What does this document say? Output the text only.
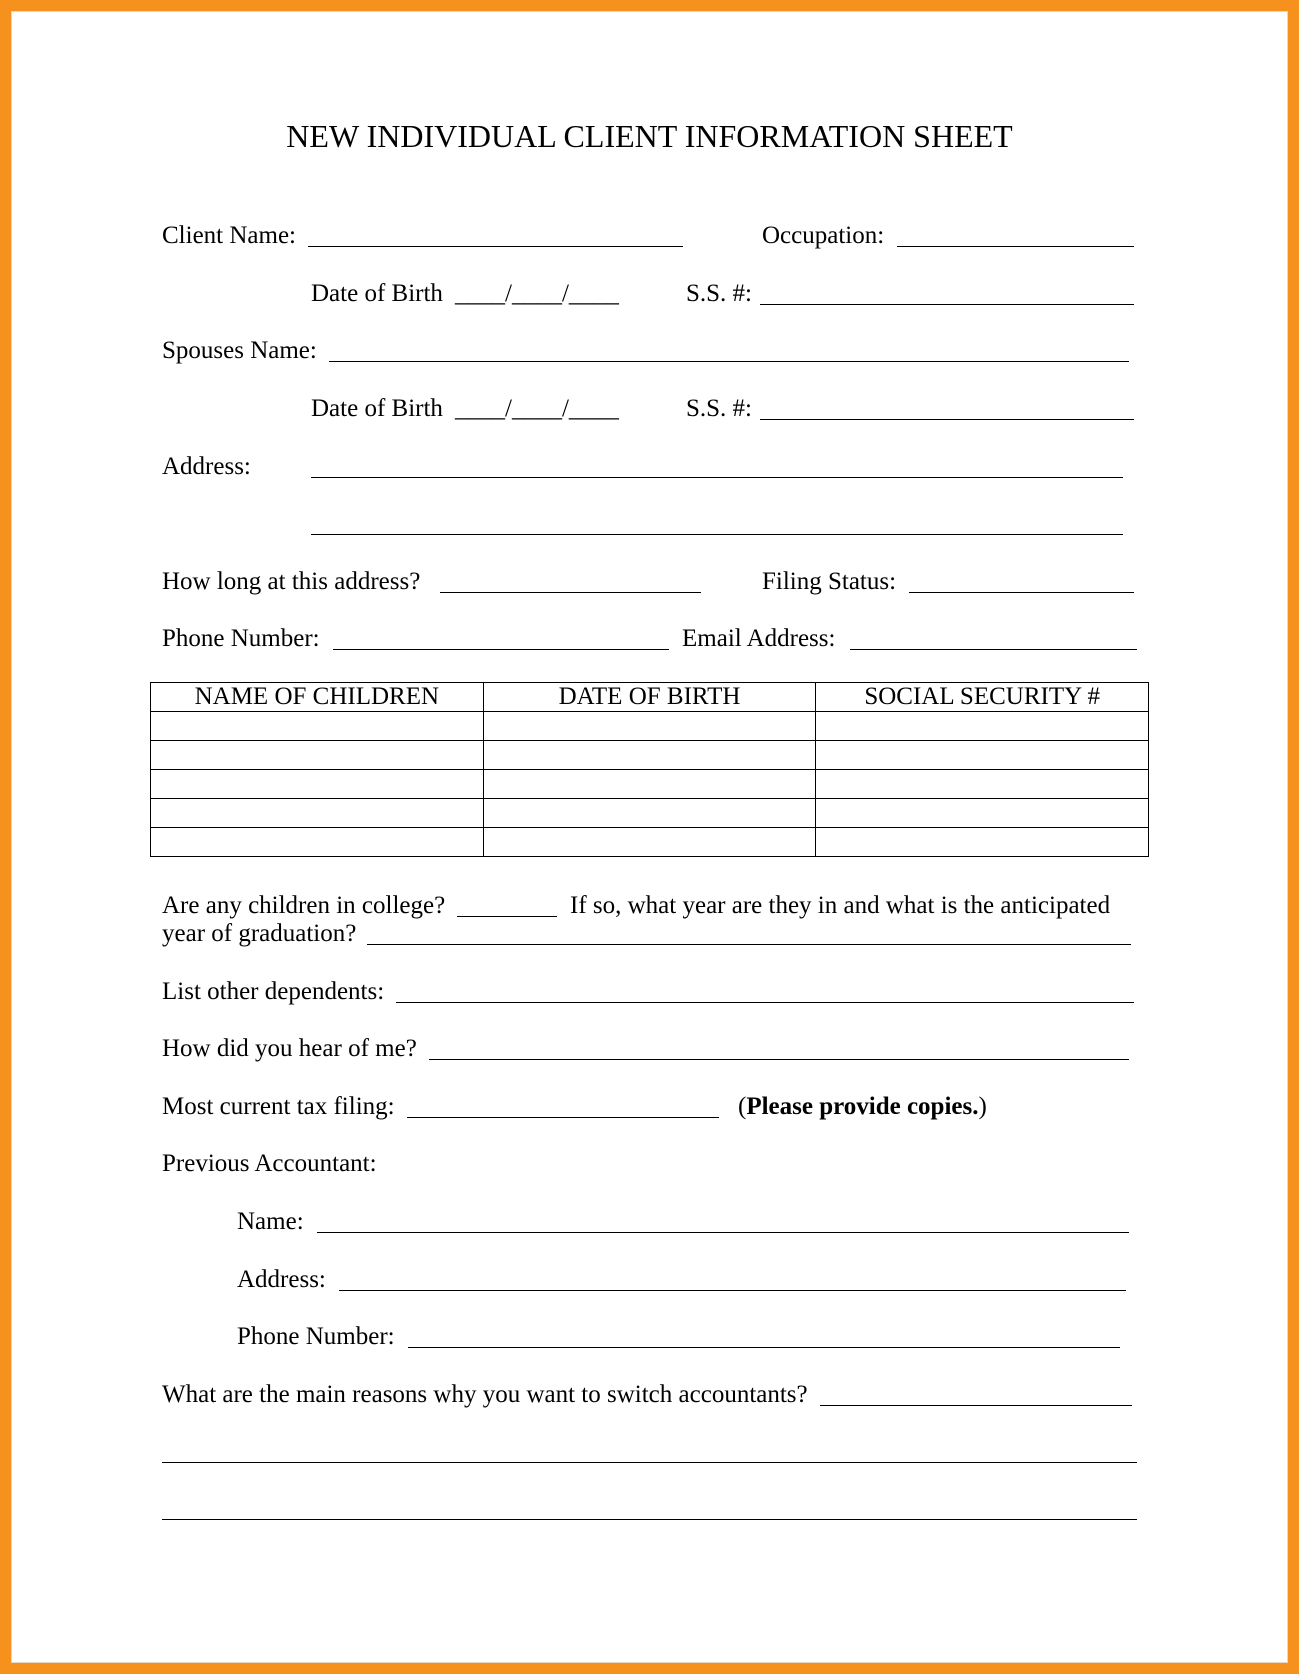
NEW INDIVIDUAL CLIENT INFORMATION SHEET
Client Name:	Occupation:
Date of Birth ____/____/____	S.S. #:
Spouses Name:
Date of Birth ____/____/____	S.S. #:
Address:
How long at this address?	Filing Status:
Phone Number:	Email Address:
NAME OF CHILDREN	DATE OF BIRTH	SOCIAL SECURITY #

Are any children in college?	If so, what year are they in and what is the anticipated
year of graduation?
List other dependents:
How did you hear of me?
Most current tax filing:	(Please provide copies.)
Previous Accountant:
Name:
Address:
Phone Number:
What are the main reasons why you want to switch accountants?
